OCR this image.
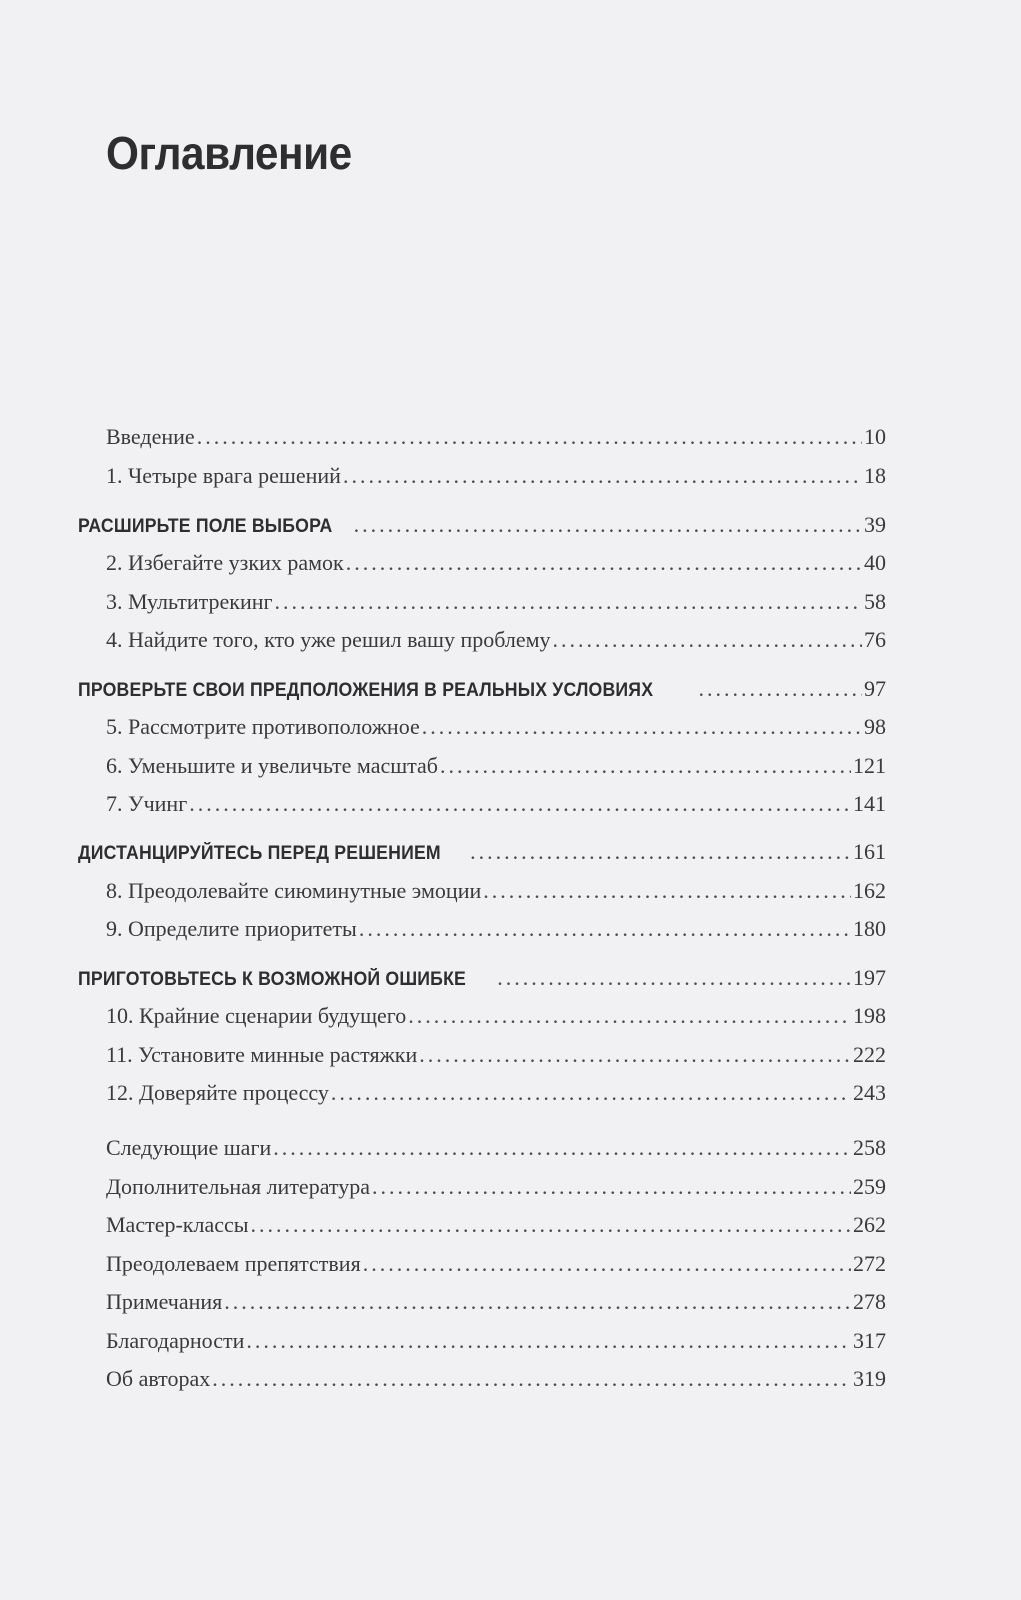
Оглавление
Введение .....	10
1. Четыре врага решений .....	18
РАСШИРЬТЕ ПОЛЕ ВЫБОРА .....	39
2. Избегайте узких рамок .....	40
3. Мультитрекинг .....	58
4. Найдите того, кто уже решил вашу проблему .....	76
ПРОВЕРЬТЕ СВОИ ПРЕДПОЛОЖЕНИЯ В РЕАЛЬНЫХ УСЛОВИЯХ .....	97
5. Рассмотрите противоположное .....	98
6. Уменьшите и увеличьте масштаб .....	121
7. Учинг .....	141
ДИСТАНЦИРУЙТЕСЬ ПЕРЕД РЕШЕНИЕМ .....	161
8. Преодолевайте сиюминутные эмоции .....	162
9. Определите приоритеты .....	180
ПРИГОТОВЬТЕСЬ К ВОЗМОЖНОЙ ОШИБКЕ .....	197
10. Крайние сценарии будущего .....	198
11. Установите минные растяжки .....	222
12. Доверяйте процессу .....	243
Следующие шаги .....	258
Дополнительная литература .....	259
Мастер-классы .....	262
Преодолеваем препятствия .....	272
Примечания .....	278
Благодарности .....	317
Об авторах .....	319
